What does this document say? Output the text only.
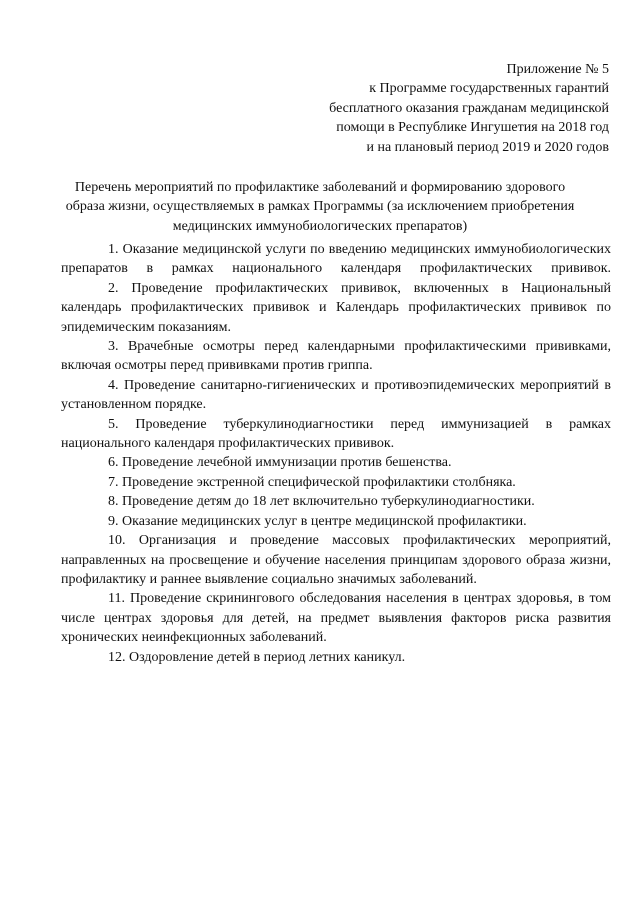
Приложение № 5
к Программе государственных гарантий
бесплатного оказания гражданам медицинской
помощи в Республике Ингушетия на 2018 год
и на плановый период 2019 и 2020 годов
Перечень мероприятий по профилактике заболеваний и формированию здорового образа жизни, осуществляемых в рамках Программы (за исключением приобретения медицинских иммунобиологических препаратов)

1. Оказание медицинской услуги по введению медицинских иммунобиологических препаратов в рамках национального календаря профилактических прививок.

2. Проведение профилактических прививок, включенных в Национальный календарь профилактических прививок и Календарь профилактических прививок по эпидемическим показаниям.

3. Врачебные осмотры перед календарными профилактическими прививками, включая осмотры перед прививками против гриппа.

4. Проведение санитарно-гигиенических и противоэпидемических мероприятий в установленном порядке.

5. Проведение туберкулинодиагностики перед иммунизацией в рамках национального календаря профилактических прививок.

6. Проведение лечебной иммунизации против бешенства.

7. Проведение экстренной специфической профилактики столбняка.

8. Проведение детям до 18 лет включительно туберкулинодиагностики.

9. Оказание медицинских услуг в центре медицинской профилактики.

10. Организация и проведение массовых профилактических мероприятий, направленных на просвещение и обучение населения принципам здорового образа жизни, профилактику и раннее выявление социально значимых заболеваний.

11. Проведение скринингового обследования населения в центрах здоровья, в том числе центрах здоровья для детей, на предмет выявления факторов риска развития хронических неинфекционных заболеваний.

12. Оздоровление детей в период летних каникул.
